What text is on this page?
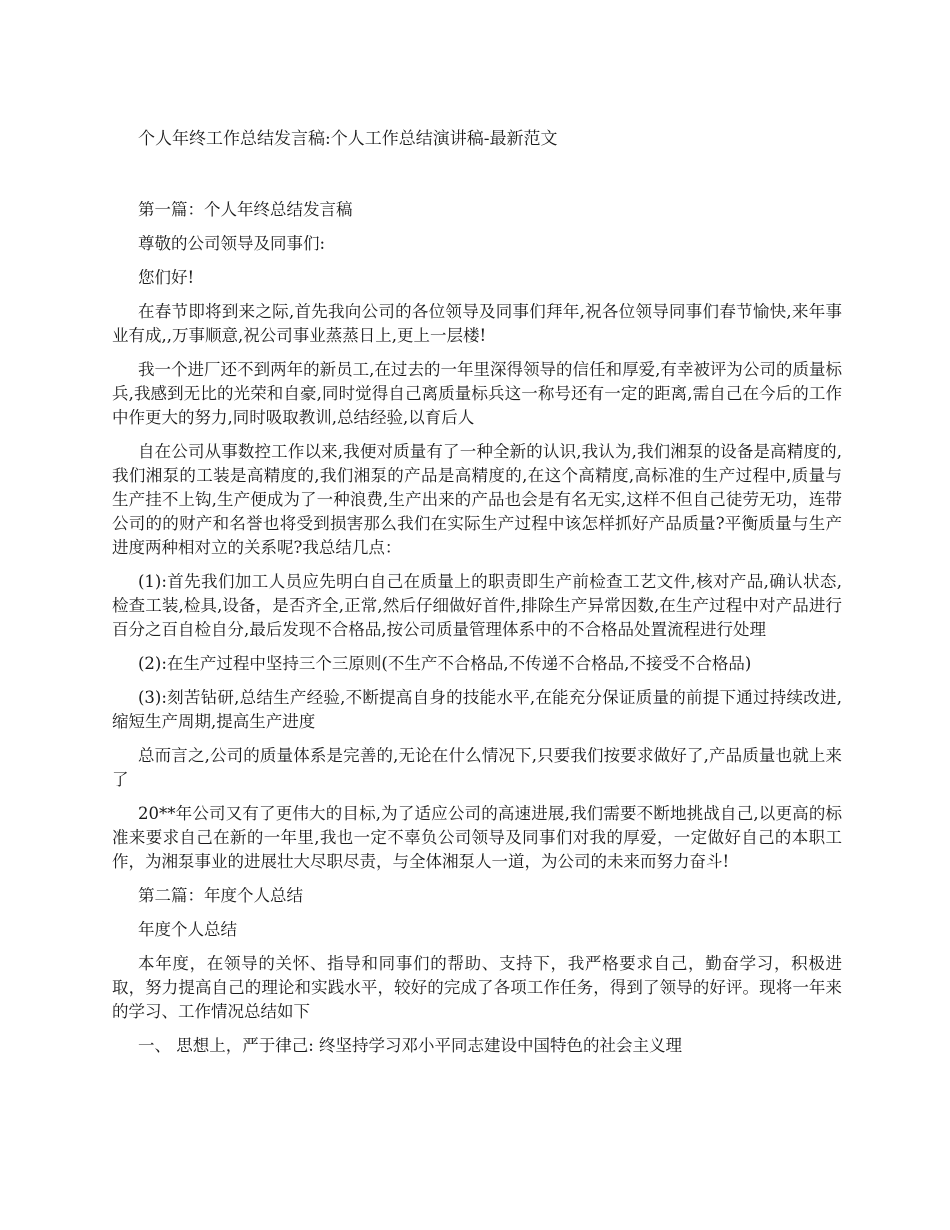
个人年终工作总结发言稿:个人工作总结演讲稿-最新范文

第一篇：个人年终总结发言稿

尊敬的公司领导及同事们:

您们好!

在春节即将到来之际,首先我向公司的各位领导及同事们拜年,祝各位领导同事们春节愉快,来年事业有成,,万事顺意,祝公司事业蒸蒸日上,更上一层楼!

我一个进厂还不到两年的新员工,在过去的一年里深得领导的信任和厚爱,有幸被评为公司的质量标兵,我感到无比的光荣和自豪,同时觉得自己离质量标兵这一称号还有一定的距离,需自己在今后的工作中作更大的努力,同时吸取教训,总结经验,以育后人

自在公司从事数控工作以来,我便对质量有了一种全新的认识,我认为,我们湘泵的设备是高精度的,我们湘泵的工装是高精度的,我们湘泵的产品是高精度的,在这个高精度,高标准的生产过程中,质量与生产挂不上钩,生产便成为了一种浪费,生产出来的产品也会是有名无实,这样不但自己徒劳无功，连带公司的的财产和名誉也将受到损害那么我们在实际生产过程中该怎样抓好产品质量?平衡质量与生产进度两种相对立的关系呢?我总结几点：

(1):首先我们加工人员应先明白自己在质量上的职责即生产前检查工艺文件,核对产品,确认状态,检查工装,检具,设备，是否齐全,正常,然后仔细做好首件,排除生产异常因数,在生产过程中对产品进行百分之百自检自分,最后发现不合格品,按公司质量管理体系中的不合格品处置流程进行处理

(2):在生产过程中坚持三个三原则(不生产不合格品,不传递不合格品,不接受不合格品)

(3):刻苦钻研,总结生产经验,不断提高自身的技能水平,在能充分保证质量的前提下通过持续改进,缩短生产周期,提高生产进度

总而言之,公司的质量体系是完善的,无论在什么情况下,只要我们按要求做好了,产品质量也就上来了

20**年公司又有了更伟大的目标,为了适应公司的高速进展,我们需要不断地挑战自己,以更高的标准来要求自己在新的一年里,我也一定不辜负公司领导及同事们对我的厚爱，一定做好自己的本职工作，为湘泵事业的进展壮大尽职尽责，与全体湘泵人一道，为公司的未来而努力奋斗!

第二篇：年度个人总结

年度个人总结

本年度，在领导的关怀、指导和同事们的帮助、支持下，我严格要求自己，勤奋学习，积极进取，努力提高自己的理论和实践水平，较好的完成了各项工作任务，得到了领导的好评。现将一年来的学习、工作情况总结如下

一、 思想上，严于律己: 终坚持学习邓小平同志建设中国特色的社会主义理
